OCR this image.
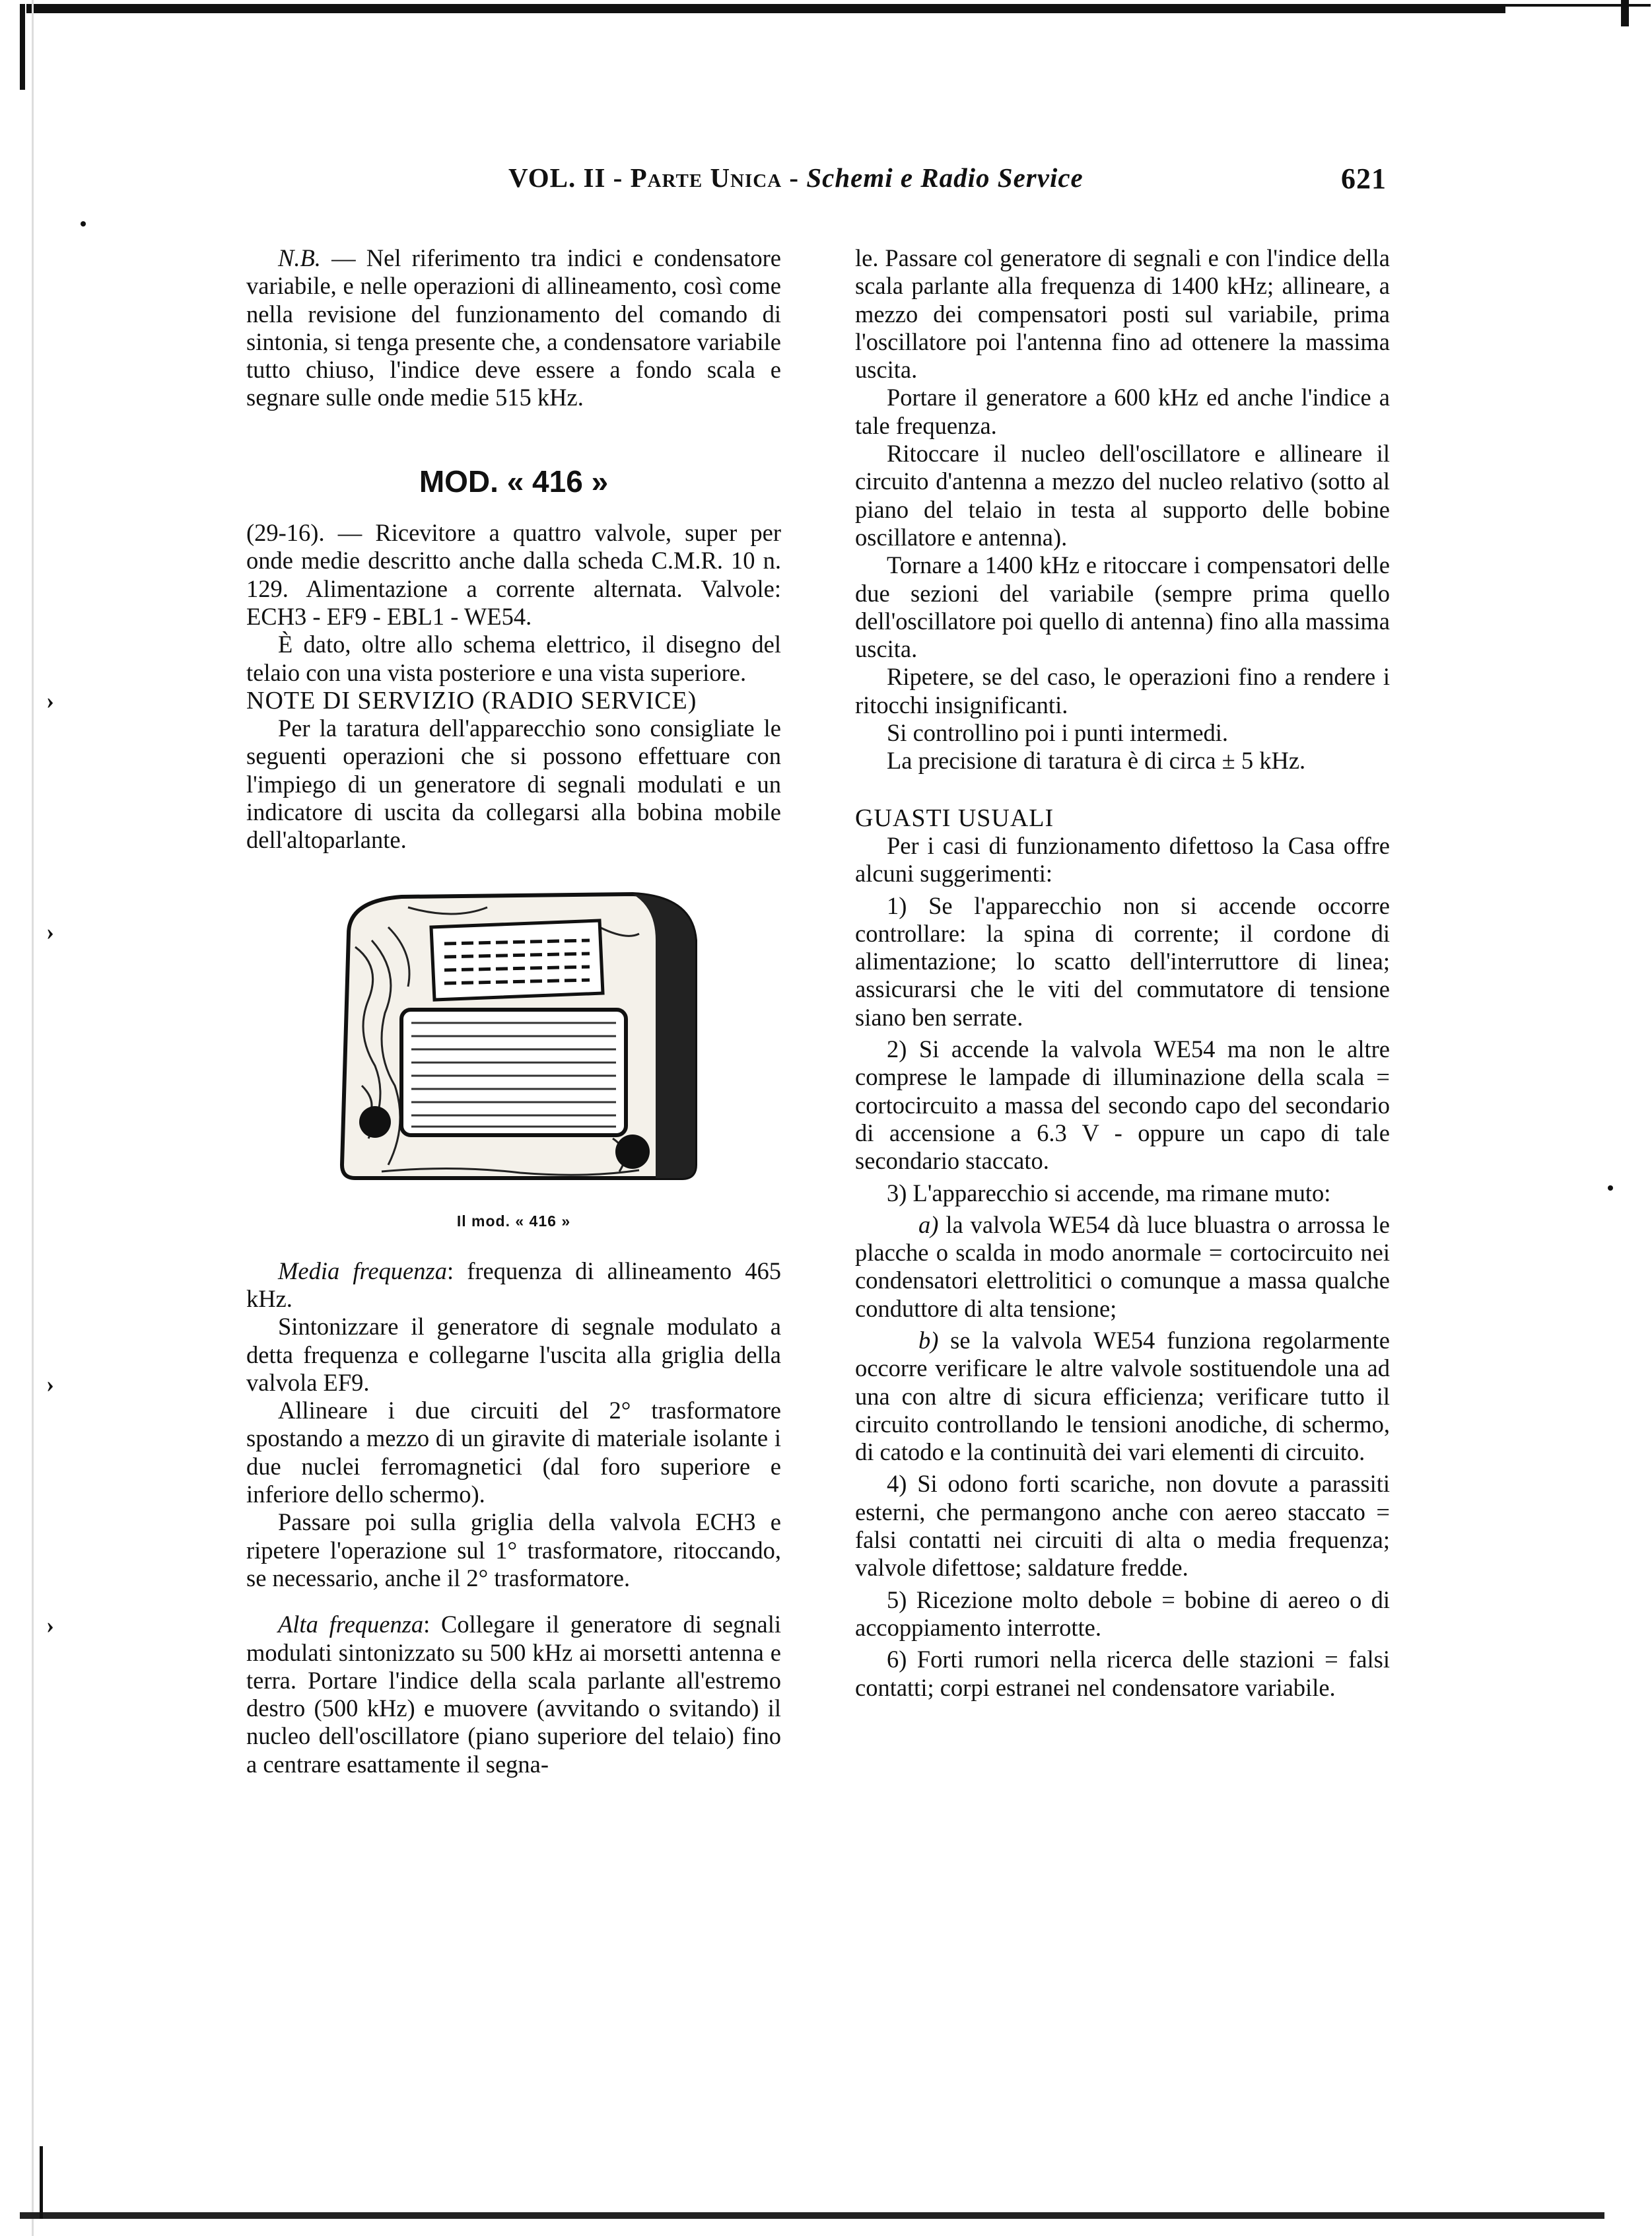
›
›
›
›
VOL. II - Parte Unica - Schemi e Radio Service	621

N.B. — Nel riferimento tra indici e condensatore variabile, e nelle operazioni di allineamento, così come nella revisione del funzionamento del comando di sintonia, si tenga presente che, a condensatore variabile tutto chiuso, l'indice deve essere a fondo scala e segnare sulle onde medie 515 kHz.

MOD. « 416 »

(29-16). — Ricevitore a quattro valvole, super per onde medie descritto anche dalla scheda C.M.R. 10 n. 129. Alimentazione a corrente alternata. Valvole: ECH3 - EF9 - EBL1 - WE54.

È dato, oltre allo schema elettrico, il disegno del telaio con una vista posteriore e una vista superiore.

NOTE DI SERVIZIO (RADIO SERVICE)

Per la taratura dell'apparecchio sono consigliate le seguenti operazioni che si possono effettuare con l'impiego di un generatore di segnali modulati e un indicatore di uscita da collegarsi alla bobina mobile dell'altoparlante.

Il mod. « 416 »

Media frequenza: frequenza di allineamento 465 kHz.

Sintonizzare il generatore di segnale modulato a detta frequenza e collegarne l'uscita alla griglia della valvola EF9.

Allineare i due circuiti del 2° trasformatore spostando a mezzo di un giravite di materiale isolante i due nuclei ferromagnetici (dal foro superiore e inferiore dello schermo).

Passare poi sulla griglia della valvola ECH3 e ripetere l'operazione sul 1° trasformatore, ritoccando, se necessario, anche il 2° trasformatore.

Alta frequenza: Collegare il generatore di segnali modulati sintonizzato su 500 kHz ai morsetti antenna e terra. Portare l'indice della scala parlante all'estremo destro (500 kHz) e muovere (avvitando o svitando) il nucleo dell'oscillatore (piano superiore del telaio) fino a centrare esattamente il segna-

le. Passare col generatore di segnali e con l'indice della scala parlante alla frequenza di 1400 kHz; allineare, a mezzo dei compensatori posti sul variabile, prima l'oscillatore poi l'antenna fino ad ottenere la massima uscita.

Portare il generatore a 600 kHz ed anche l'indice a tale frequenza.

Ritoccare il nucleo dell'oscillatore e allineare il circuito d'antenna a mezzo del nucleo relativo (sotto al piano del telaio in testa al supporto delle bobine oscillatore e antenna).

Tornare a 1400 kHz e ritoccare i compensatori delle due sezioni del variabile (sempre prima quello dell'oscillatore poi quello di antenna) fino alla massima uscita.

Ripetere, se del caso, le operazioni fino a rendere i ritocchi insignificanti.

Si controllino poi i punti intermedi.

La precisione di taratura è di circa ± 5 kHz.

GUASTI USUALI

Per i casi di funzionamento difettoso la Casa offre alcuni suggerimenti:

1) Se l'apparecchio non si accende occorre controllare: la spina di corrente; il cordone di alimentazione; lo scatto dell'interruttore di linea; assicurarsi che le viti del commutatore di tensione siano ben serrate.

2) Si accende la valvola WE54 ma non le altre comprese le lampade di illuminazione della scala = cortocircuito a massa del secondo capo del secondario di accensione a 6.3 V - oppure un capo di tale secondario staccato.

3) L'apparecchio si accende, ma rimane muto:

a) la valvola WE54 dà luce bluastra o arrossa le placche o scalda in modo anormale = cortocircuito nei condensatori elettrolitici o comunque a massa qualche conduttore di alta tensione;

b) se la valvola WE54 funziona regolarmente occorre verificare le altre valvole sostituendole una ad una con altre di sicura efficienza; verificare tutto il circuito controllando le tensioni anodiche, di schermo, di catodo e la continuità dei vari elementi di circuito.

4) Si odono forti scariche, non dovute a parassiti esterni, che permangono anche con aereo staccato = falsi contatti nei circuiti di alta o media frequenza; valvole difettose; saldature fredde.

5) Ricezione molto debole = bobine di aereo o di accoppiamento interrotte.

6) Forti rumori nella ricerca delle stazioni = falsi contatti; corpi estranei nel condensatore variabile.
